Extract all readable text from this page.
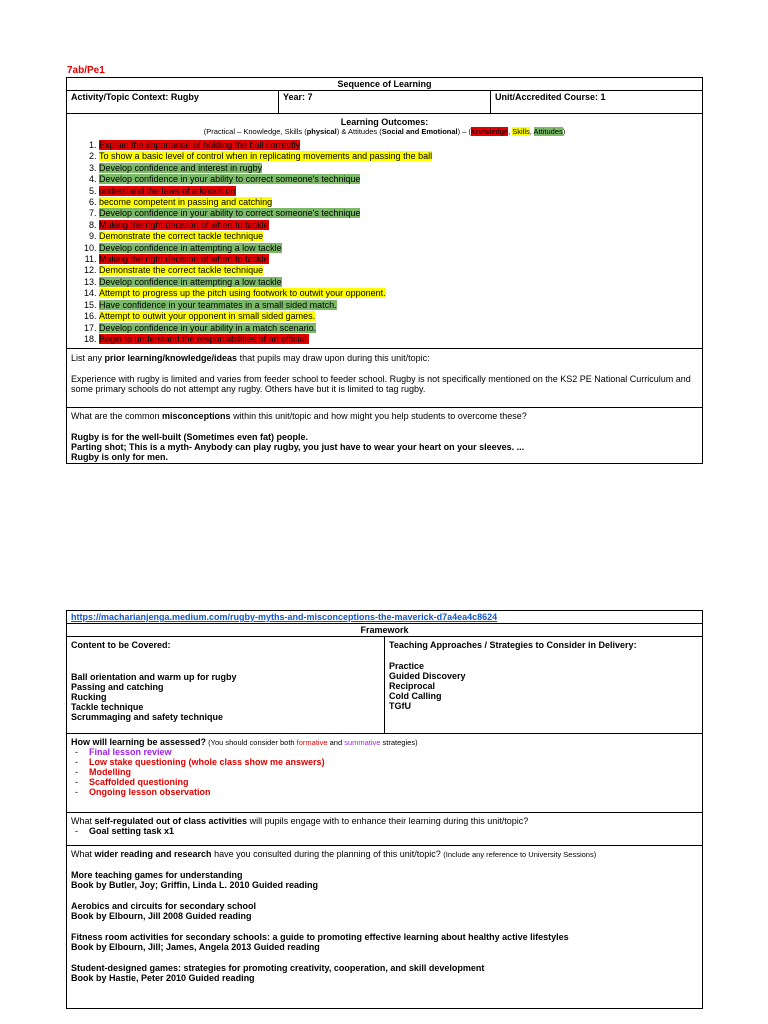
7ab/Pe1
Sequence of Learning
Activity/Topic Context: Rugby	Year: 7	Unit/Accredited Course: 1

Learning Outcomes:
(Practical – Knowledge, Skills (physical) & Attitudes (Social and Emotional) – (Knowledge, Skills, Attitudes)
1. Explain the importance of holding the ball correctly
2. To show a basic level of control when in replicating movements and passing the ball
3. Develop confidence and interest in rugby
4. Develop confidence in your ability to correct someone's technique
5. understand the laws of a knock on
6. become competent in passing and catching
7. Develop confidence in your ability to correct someone's technique
8. Making the right decision of when to tackle
9. Demonstrate the correct tackle technique
10. Develop confidence in attempting a low tackle
11. Making the right decision of when to tackle
12. Demonstrate the correct tackle technique
13. Develop confidence in attempting a low tackle
14. Attempt to progress up the pitch using footwork to outwit your opponent.
15. Have confidence in your teammates in a small sided match.
16. Attempt to outwit your opponent in small sided games.
17. Develop confidence in your ability in a match scenario.
18. Begin to understand the responsibilities of an official.

List any prior learning/knowledge/ideas that pupils may draw upon during this unit/topic:

Experience with rugby is limited and varies from feeder school to feeder school. Rugby is not specifically mentioned on the KS2 PE National Curriculum and some primary schools do not attempt any rugby. Others have but it is limited to tag rugby.

What are the common misconceptions within this unit/topic and how might you help students to overcome these?

Rugby is for the well-built (Sometimes even fat) people.
Parting shot; This is a myth- Anybody can play rugby, you just have to wear your heart on your sleeves. ...
Rugby is only for men.
https://macharianjenga.medium.com/rugby-myths-and-misconceptions-the-maverick-d7a4ea4c8624
Framework

Content to be Covered:
Ball orientation and warm up for rugby
Passing and catching
Rucking
Tackle technique
Scrummaging and safety technique

Teaching Approaches / Strategies to Consider in Delivery:
Practice
Guided Discovery
Reciprocal
Cold Calling
TGfU

How will learning be assessed? (You should consider both formative and summative strategies)

- Final lesson review
- Low stake questioning (whole class show me answers)
- Modelling
- Scaffolded questioning
- Ongoing lesson observation

What self-regulated out of class activities will pupils engage with to enhance their learning during this unit/topic?

- Goal setting task x1

What wider reading and research have you consulted during the planning of this unit/topic? (Include any reference to University Sessions)

More teaching games for understanding
Book by Butler, Joy; Griffin, Linda L. 2010 Guided reading
Aerobics and circuits for secondary school
Book by Elbourn, Jill 2008 Guided reading
Fitness room activities for secondary schools: a guide to promoting effective learning about healthy active lifestyles
Book by Elbourn, Jill; James, Angela 2013 Guided reading
Student-designed games: strategies for promoting creativity, cooperation, and skill development
Book by Hastie, Peter 2010 Guided reading
